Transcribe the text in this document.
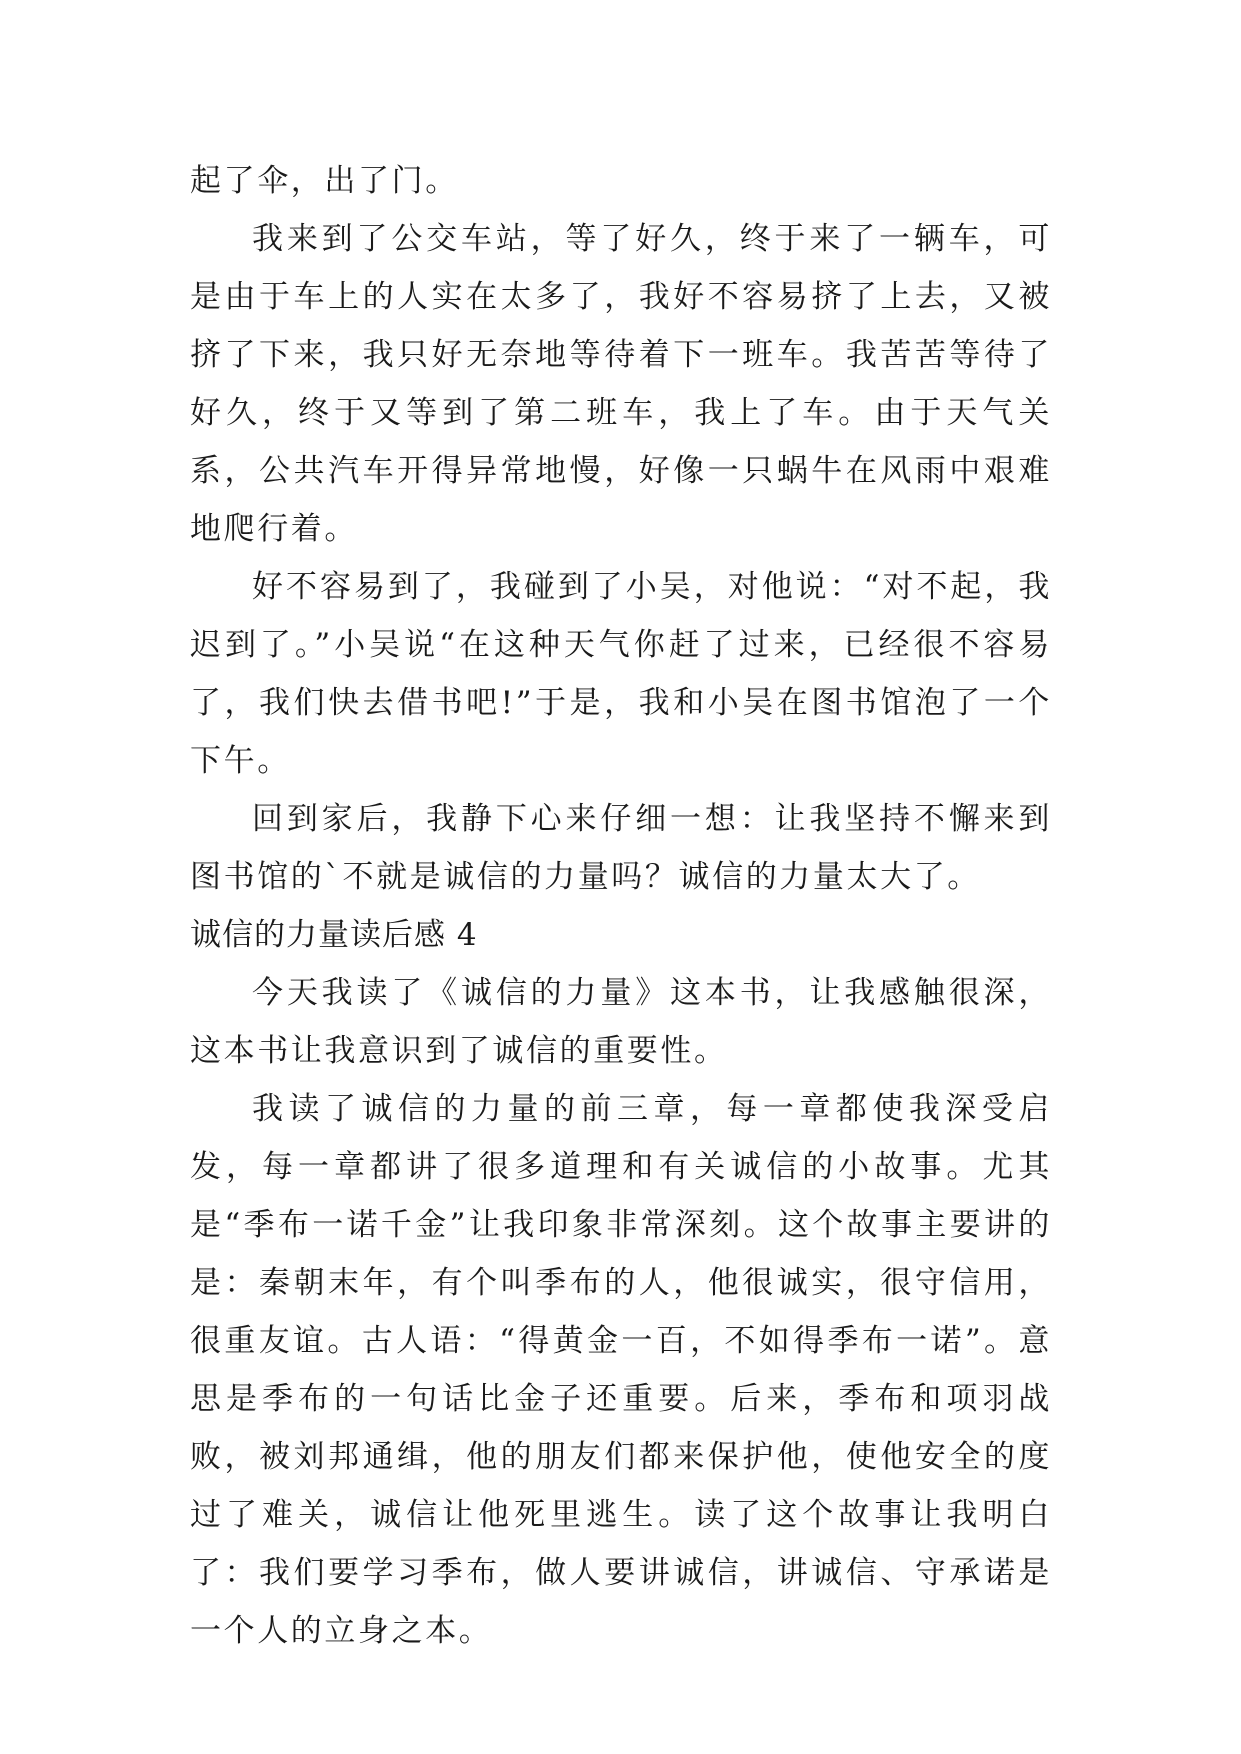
起了伞，出了门。

我来到了公交车站，等了好久，终于来了一辆车，可是由于车上的人实在太多了，我好不容易挤了上去，又被挤了下来，我只好无奈地等待着下一班车。我苦苦等待了好久，终于又等到了第二班车，我上了车。由于天气关系，公共汽车开得异常地慢，好像一只蜗牛在风雨中艰难地爬行着。

好不容易到了，我碰到了小吴，对他说：“对不起，我迟到了。”小吴说“在这种天气你赶了过来，已经很不容易了，我们快去借书吧!”于是，我和小吴在图书馆泡了一个下午。

回到家后，我静下心来仔细一想：让我坚持不懈来到图书馆的`不就是诚信的力量吗？诚信的力量太大了。

诚信的力量读后感 4

今天我读了《诚信的力量》这本书，让我感触很深，这本书让我意识到了诚信的重要性。

我读了诚信的力量的前三章，每一章都使我深受启发，每一章都讲了很多道理和有关诚信的小故事。尤其是“季布一诺千金”让我印象非常深刻。这个故事主要讲的是：秦朝末年，有个叫季布的人，他很诚实，很守信用，很重友谊。古人语：“得黄金一百，不如得季布一诺”。意思是季布的一句话比金子还重要。后来，季布和项羽战败，被刘邦通缉，他的朋友们都来保护他，使他安全的度过了难关，诚信让他死里逃生。读了这个故事让我明白了：我们要学习季布，做人要讲诚信，讲诚信、守承诺是一个人的立身之本。
